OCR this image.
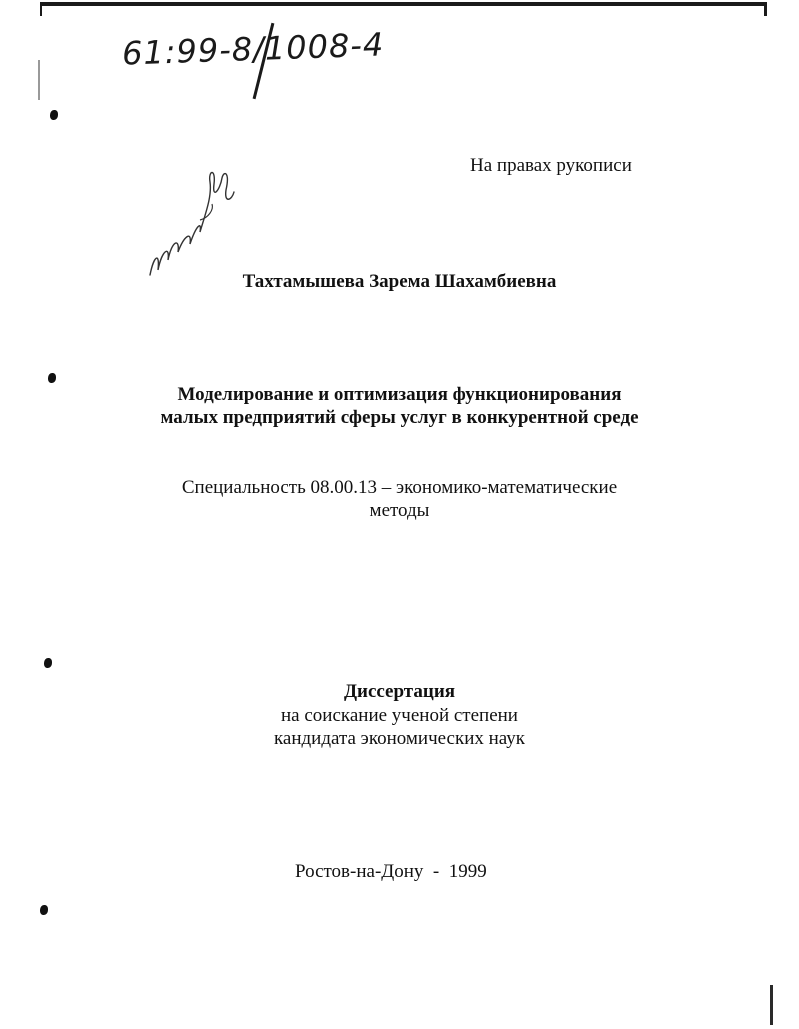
61:99-8/1008-4
На правах рукописи
Тахтамышева Зарема Шахамбиевна
Моделирование и оптимизация функционирования
малых предприятий сферы услуг в конкурентной среде
Специальность 08.00.13 – экономико-математические
методы
Диссертация
на соискание ученой степени
кандидата экономических наук
Ростов-на-Дону  -  1999
